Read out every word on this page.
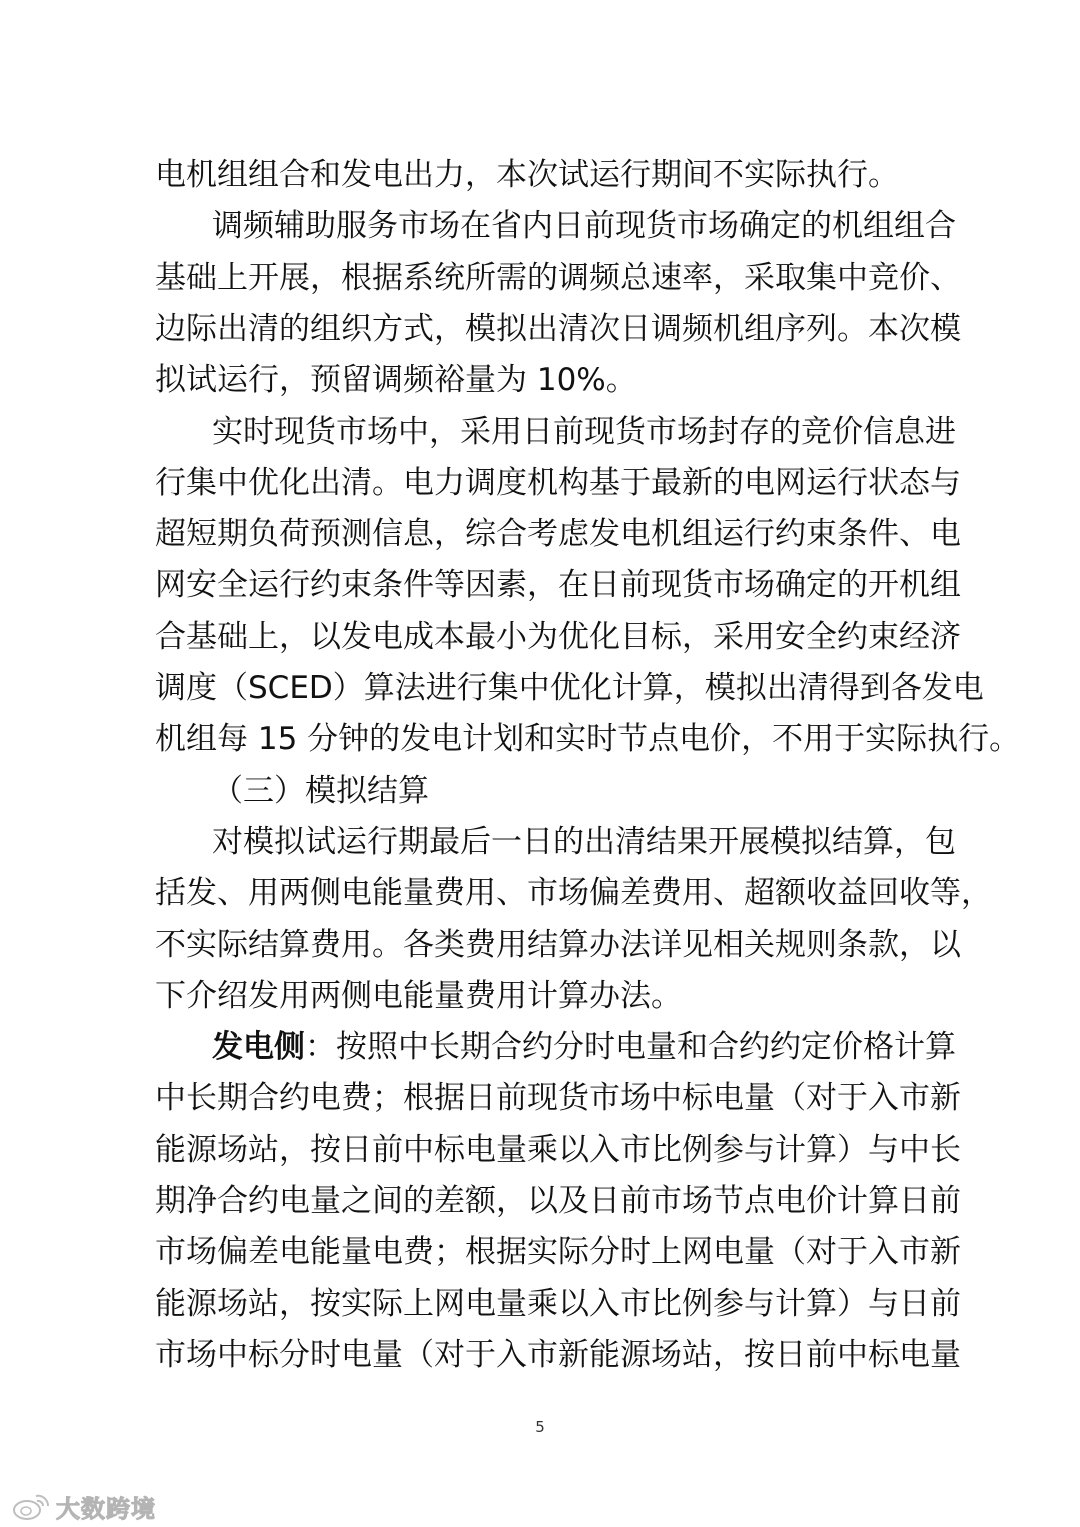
电机组组合和发电出力，本次试运行期间不实际执行。
调频辅助服务市场在省内日前现货市场确定的机组组合
基础上开展，根据系统所需的调频总速率，采取集中竞价、
边际出清的组织方式，模拟出清次日调频机组序列。本次模
拟试运行，预留调频裕量为 10%。
实时现货市场中，采用日前现货市场封存的竞价信息进
行集中优化出清。电力调度机构基于最新的电网运行状态与
超短期负荷预测信息，综合考虑发电机组运行约束条件、电
网安全运行约束条件等因素，在日前现货市场确定的开机组
合基础上，以发电成本最小为优化目标，采用安全约束经济
调度（SCED）算法进行集中优化计算，模拟出清得到各发电
机组每 15 分钟的发电计划和实时节点电价，不用于实际执行。
（三）模拟结算
对模拟试运行期最后一日的出清结果开展模拟结算，包
括发、用两侧电能量费用、市场偏差费用、超额收益回收等，
不实际结算费用。各类费用结算办法详见相关规则条款，以
下介绍发用两侧电能量费用计算办法。
发电侧：按照中长期合约分时电量和合约约定价格计算
中长期合约电费；根据日前现货市场中标电量（对于入市新
能源场站，按日前中标电量乘以入市比例参与计算）与中长
期净合约电量之间的差额，以及日前市场节点电价计算日前
市场偏差电能量电费；根据实际分时上网电量（对于入市新
能源场站，按实际上网电量乘以入市比例参与计算）与日前
市场中标分时电量（对于入市新能源场站，按日前中标电量
5
大数跨境
